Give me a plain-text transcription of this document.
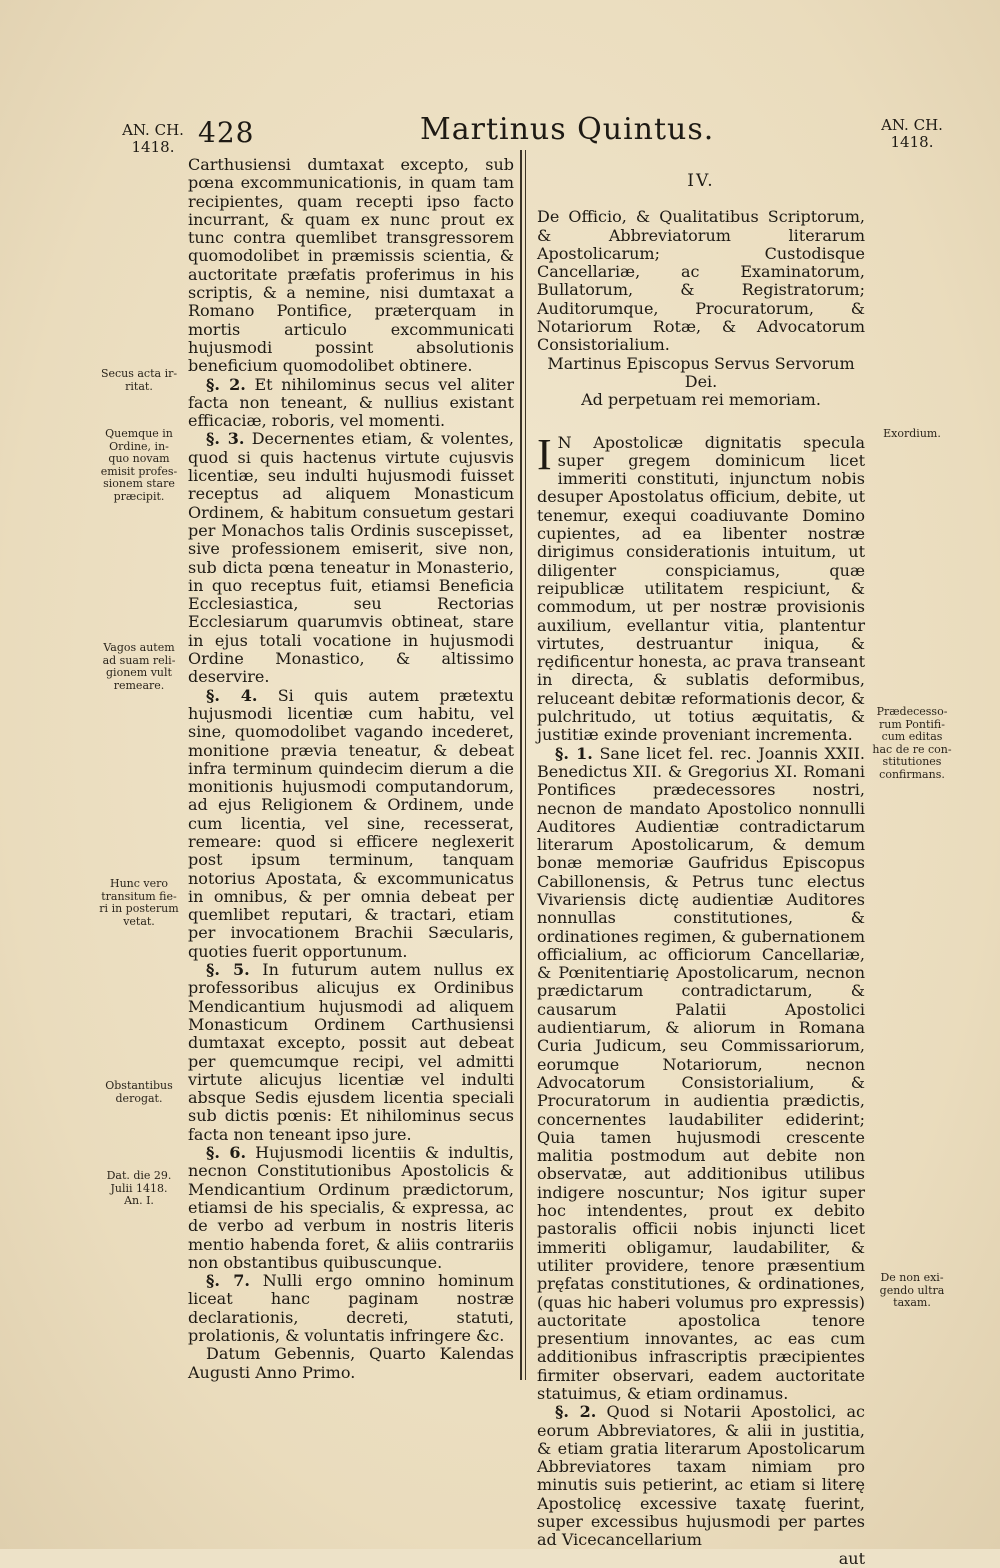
AN. CH.
1418. 428	Martinus Quintus.	AN. CH.
1418.
Secus acta ir-
ritat.
Quemque in
Ordine, in-
quo novam
emisit profes-
sionem stare
præcipit.
Vagos autem
ad suam reli-
gionem vult
remeare.
Hunc vero
transitum fie-
ri in posterum
vetat.
Obstantibus
derogat.
Dat. die 29.
Julii 1418.
An. I.
Exordium.
Prædecesso-
rum Pontifi-
cum editas
hac de re con-
stitutiones
confirmans.
De non exi-
gendo ultra
taxam.

Carthusiensi dumtaxat excepto, sub pœna excommunicationis, in quam tam recipientes, quam recepti ipso facto incurrant, & quam ex nunc prout ex tunc contra quemlibet transgressorem quomodolibet in præmissis scientia, & auctoritate præfatis proferimus in his scriptis, & a nemine, nisi dumtaxat a Romano Pontifice, præterquam in mortis articulo excommunicati hujusmodi possint absolutionis beneficium quomodolibet obtinere.

§. 2. Et nihilominus secus vel aliter facta non teneant, & nullius existant efficaciæ, roboris, vel momenti.

§. 3. Decernentes etiam, & volentes, quod si quis hactenus virtute cujusvis licentiæ, seu indulti hujusmodi fuisset receptus ad aliquem Monasticum Ordinem, & habitum consuetum gestari per Monachos talis Ordinis suscepisset, sive professionem emiserit, sive non, sub dicta pœna teneatur in Monasterio, in quo receptus fuit, etiamsi Beneficia Ecclesiastica, seu Rectorias Ecclesiarum quarumvis obtineat, stare in ejus totali vocatione in hujusmodi Ordine Monastico, & altissimo deservire.

§. 4. Si quis autem prætextu hujusmodi licentiæ cum habitu, vel sine, quomodolibet vagando incederet, monitione prævia teneatur, & debeat infra terminum quindecim dierum a die monitionis hujusmodi computandorum, ad ejus Religionem & Ordinem, unde cum licentia, vel sine, recesserat, remeare: quod si efficere neglexerit post ipsum terminum, tanquam notorius Apostata, & excommunicatus in omnibus, & per omnia debeat per quemlibet reputari, & tractari, etiam per invocationem Brachii Sæcularis, quoties fuerit opportunum.

§. 5. In futurum autem nullus ex professoribus alicujus ex Ordinibus Mendicantium hujusmodi ad aliquem Monasticum Ordinem Carthusiensi dumtaxat excepto, possit aut debeat per quemcumque recipi, vel admitti virtute alicujus licentiæ vel indulti absque Sedis ejusdem licentia speciali sub dictis pœnis: Et nihilominus secus facta non teneant ipso jure.

§. 6. Hujusmodi licentiis & indultis, necnon Constitutionibus Apostolicis & Mendicantium Ordinum prædictorum, etiamsi de his specialis, & expressa, ac de verbo ad verbum in nostris literis mentio habenda foret, & aliis contrariis non obstantibus quibuscunque.

§. 7. Nulli ergo omnino hominum liceat hanc paginam nostræ declarationis, decreti, statuti, prolationis, & voluntatis infringere &c.

Datum Gebennis, Quarto Kalendas Augusti Anno Primo.

IV.

De Officio, & Qualitatibus Scriptorum, & Abbreviatorum literarum Apostolicarum; Custodisque Cancellariæ, ac Examinatorum, Bullatorum, & Registratorum; Auditorumque, Procuratorum, & Notariorum Rotæ, & Advocatorum Consistorialium.

Martinus Episcopus Servus Servorum Dei.
Ad perpetuam rei memoriam.

I N Apostolicæ dignitatis specula super gregem dominicum licet immeriti constituti, injunctum nobis desuper Apostolatus officium, debite, ut tenemur, exequi coadiuvante Domino cupientes, ad ea libenter nostræ dirigimus considerationis intuitum, ut diligenter conspiciamus, quæ reipublicæ utilitatem respiciunt, & commodum, ut per nostræ provisionis auxilium, evellantur vitia, plantentur virtutes, destruantur iniqua, & rędificentur honesta, ac prava transeant in directa, & sublatis deformibus, reluceant debitæ reformationis decor, & pulchritudo, ut totius æquitatis, & justitiæ exinde proveniant incrementa.

§. 1. Sane licet fel. rec. Joannis XXII. Benedictus XII. & Gregorius XI. Romani Pontifices prædecessores nostri, necnon de mandato Apostolico nonnulli Auditores Audientiæ contradictarum literarum Apostolicarum, & demum bonæ memoriæ Gaufridus Episcopus Cabillonensis, & Petrus tunc electus Vivariensis dictę audientiæ Auditores nonnullas constitutiones, & ordinationes regimen, & gubernationem officialium, ac officiorum Cancellariæ, & Pœnitentiarię Apostolicarum, necnon prædictarum contradictarum, & causarum Palatii Apostolici audientiarum, & aliorum in Romana Curia Judicum, seu Commissariorum, eorumque Notariorum, necnon Advocatorum Consistorialium, & Procuratorum in audientia prædictis, concernentes laudabiliter ediderint; Quia tamen hujusmodi crescente malitia postmodum aut debite non observatæ, aut additionibus utilibus indigere noscuntur; Nos igitur super hoc intendentes, prout ex debito pastoralis officii nobis injuncti licet immeriti obligamur, laudabiliter, & utiliter providere, tenore præsentium pręfatas constitutiones, & ordinationes, (quas hic haberi volumus pro expressis) auctoritate apostolica tenore presentium innovantes, ac eas cum additionibus infrascriptis præcipientes firmiter observari, eadem auctoritate statuimus, & etiam ordinamus.

§. 2. Quod si Notarii Apostolici, ac eorum Abbreviatores, & alii in justitia, & etiam gratia literarum Apostolicarum Abbreviatores taxam nimiam pro minutis suis petierint, ac etiam si literę Apostolicę excessive taxatę fuerint, super excessibus hujusmodi per partes ad Vicecancellarium

aut
